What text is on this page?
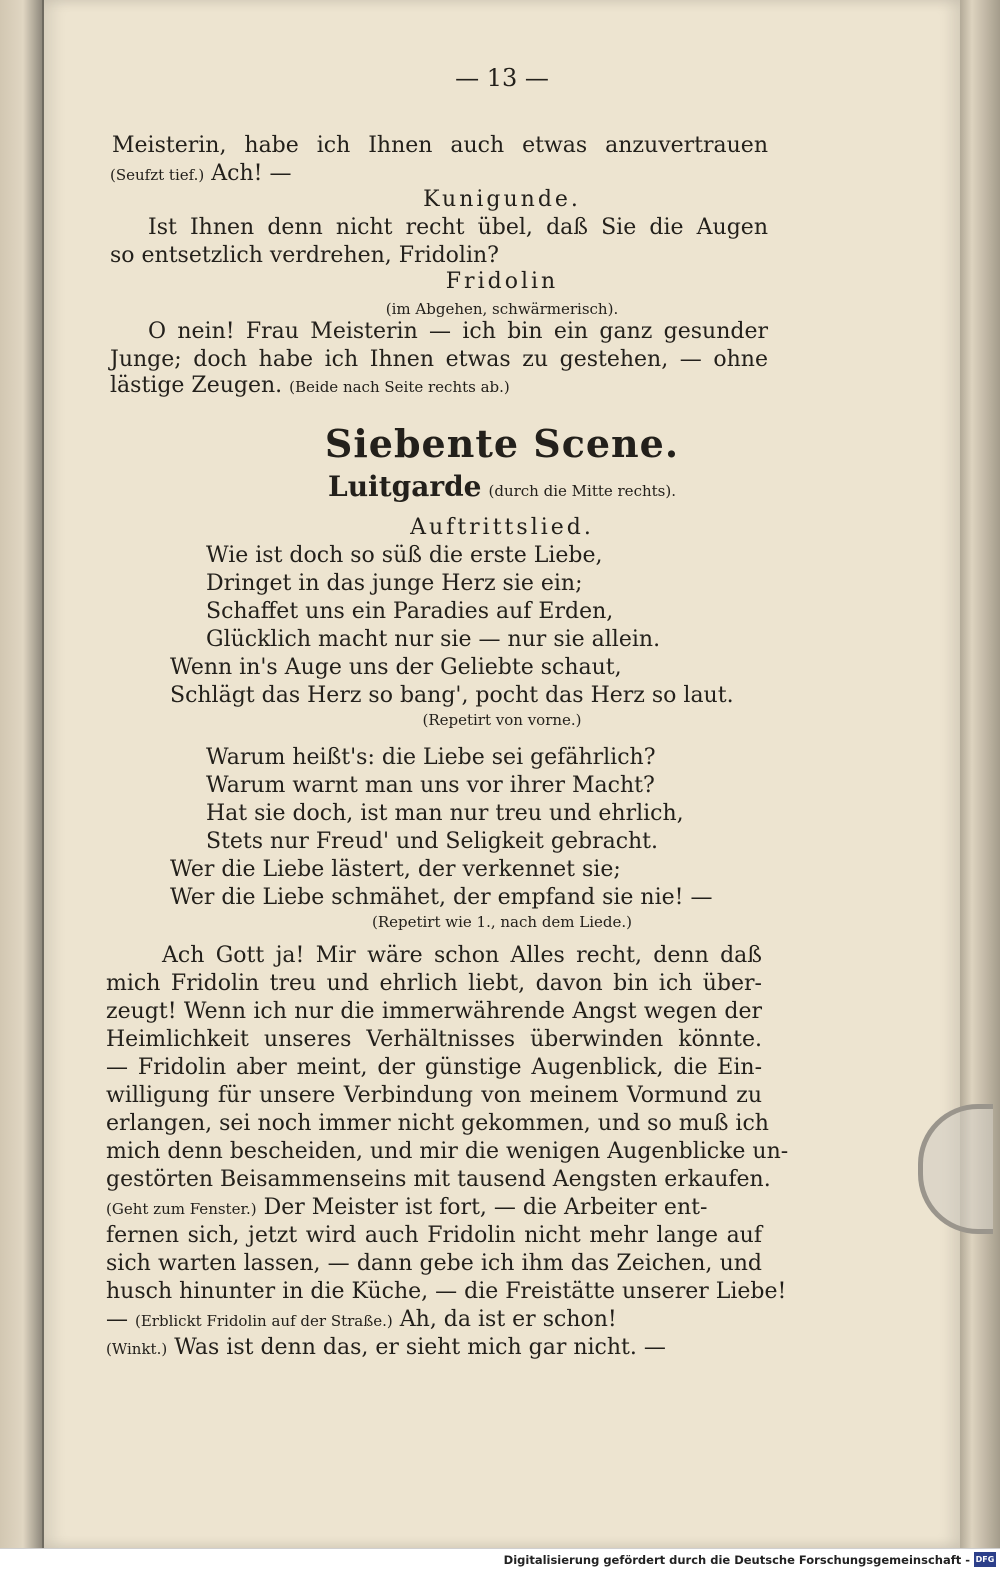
— 13 —
Meisterin, habe ich Ihnen auch etwas anzuvertrauen
(Seufzt tief.) Ach! —
Kunigunde.
Ist Ihnen denn nicht recht übel, daß Sie die Augen
so entsetzlich verdrehen, Fridolin?
Fridolin
(im Abgehen, schwärmerisch).
O nein! Frau Meisterin — ich bin ein ganz gesunder
Junge; doch habe ich Ihnen etwas zu gestehen, — ohne
lästige Zeugen. (Beide nach Seite rechts ab.)
Siebente Scene.
Luitgarde (durch die Mitte rechts).
Auftrittslied.
Wie ist doch so süß die erste Liebe,
Dringet in das junge Herz sie ein;
Schaffet uns ein Paradies auf Erden,
Glücklich macht nur sie — nur sie allein.
Wenn in's Auge uns der Geliebte schaut,
Schlägt das Herz so bang', pocht das Herz so laut.
(Repetirt von vorne.)
Warum heißt's: die Liebe sei gefährlich?
Warum warnt man uns vor ihrer Macht?
Hat sie doch, ist man nur treu und ehrlich,
Stets nur Freud' und Seligkeit gebracht.
Wer die Liebe lästert, der verkennet sie;
Wer die Liebe schmähet, der empfand sie nie! —
(Repetirt wie 1., nach dem Liede.)
Ach Gott ja! Mir wäre schon Alles recht, denn daß
mich Fridolin treu und ehrlich liebt, davon bin ich über-
zeugt! Wenn ich nur die immerwährende Angst wegen der
Heimlichkeit unseres Verhältnisses überwinden könnte.
— Fridolin aber meint, der günstige Augenblick, die Ein-
willigung für unsere Verbindung von meinem Vormund zu
erlangen, sei noch immer nicht gekommen, und so muß ich
mich denn bescheiden, und mir die wenigen Augenblicke un-
gestörten Beisammenseins mit tausend Aengsten erkaufen.
(Geht zum Fenster.) Der Meister ist fort, — die Arbeiter ent-
fernen sich, jetzt wird auch Fridolin nicht mehr lange auf
sich warten lassen, — dann gebe ich ihm das Zeichen, und
husch hinunter in die Küche, — die Freistätte unserer Liebe!
— (Erblickt Fridolin auf der Straße.) Ah, da ist er schon!
(Winkt.) Was ist denn das, er sieht mich gar nicht. —
Digitalisierung gefördert durch die Deutsche Forschungsgemeinschaft - DFG
